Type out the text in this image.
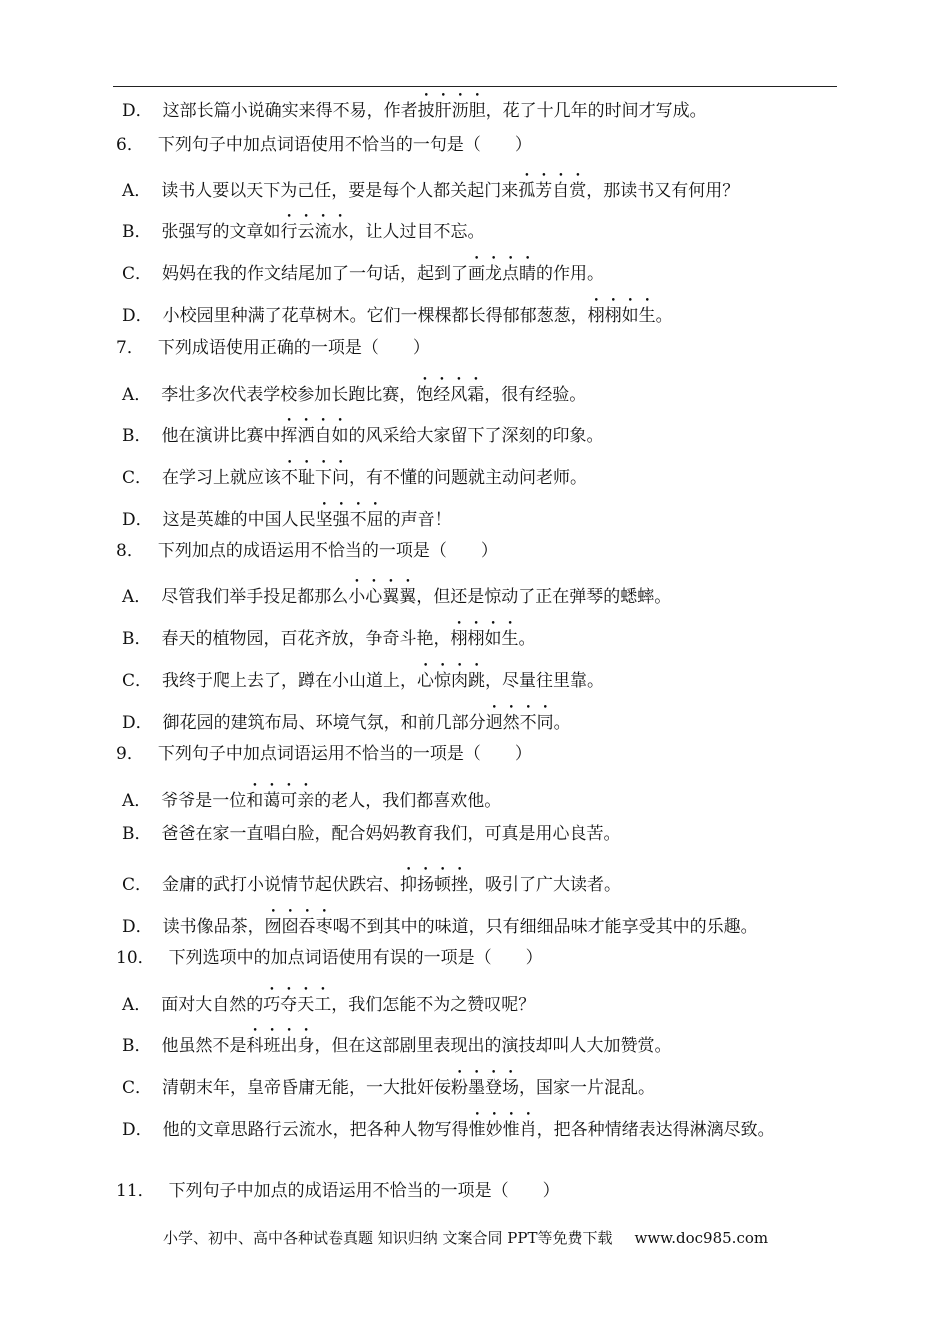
D． 这部长篇小说确实来得不易，作者披肝沥胆，花了十几年的时间才写成。
6． 下列句子中加点词语使用不恰当的一句是（　　）
A． 读书人要以天下为己任，要是每个人都关起门来孤芳自赏，那读书又有何用？
B． 张强写的文章如行云流水，让人过目不忘。
C． 妈妈在我的作文结尾加了一句话，起到了画龙点睛的作用。
D． 小校园里种满了花草树木。它们一棵棵都长得郁郁葱葱，栩栩如生。
7． 下列成语使用正确的一项是（　　）
A． 李壮多次代表学校参加长跑比赛，饱经风霜，很有经验。
B． 他在演讲比赛中挥洒自如的风采给大家留下了深刻的印象。
C． 在学习上就应该不耻下问，有不懂的问题就主动问老师。
D． 这是英雄的中国人民坚强不屈的声音！
8． 下列加点的成语运用不恰当的一项是（　　）
A． 尽管我们举手投足都那么小心翼翼，但还是惊动了正在弹琴的蟋蟀。
B． 春天的植物园，百花齐放，争奇斗艳，栩栩如生。
C． 我终于爬上去了，蹲在小山道上，心惊肉跳，尽量往里靠。
D． 御花园的建筑布局、环境气氛，和前几部分迥然不同。
9． 下列句子中加点词语运用不恰当的一项是（　　）
A． 爷爷是一位和蔼可亲的老人，我们都喜欢他。
B． 爸爸在家一直唱白脸，配合妈妈教育我们，可真是用心良苦。
C． 金庸的武打小说情节起伏跌宕、抑扬顿挫，吸引了广大读者。
D． 读书像品茶，囫囵吞枣喝不到其中的味道，只有细细品味才能享受其中的乐趣。
10． 下列选项中的加点词语使用有误的一项是（　　）
A． 面对大自然的巧夺天工，我们怎能不为之赞叹呢？
B． 他虽然不是科班出身，但在这部剧里表现出的演技却叫人大加赞赏。
C． 清朝末年，皇帝昏庸无能，一大批奸佞粉墨登场，国家一片混乱。
D． 他的文章思路行云流水，把各种人物写得惟妙惟肖，把各种情绪表达得淋漓尽致。
11． 下列句子中加点的成语运用不恰当的一项是（　　）
小学、初中、高中各种试卷真题 知识归纳 文案合同 PPT等免费下载 www.doc985.com
